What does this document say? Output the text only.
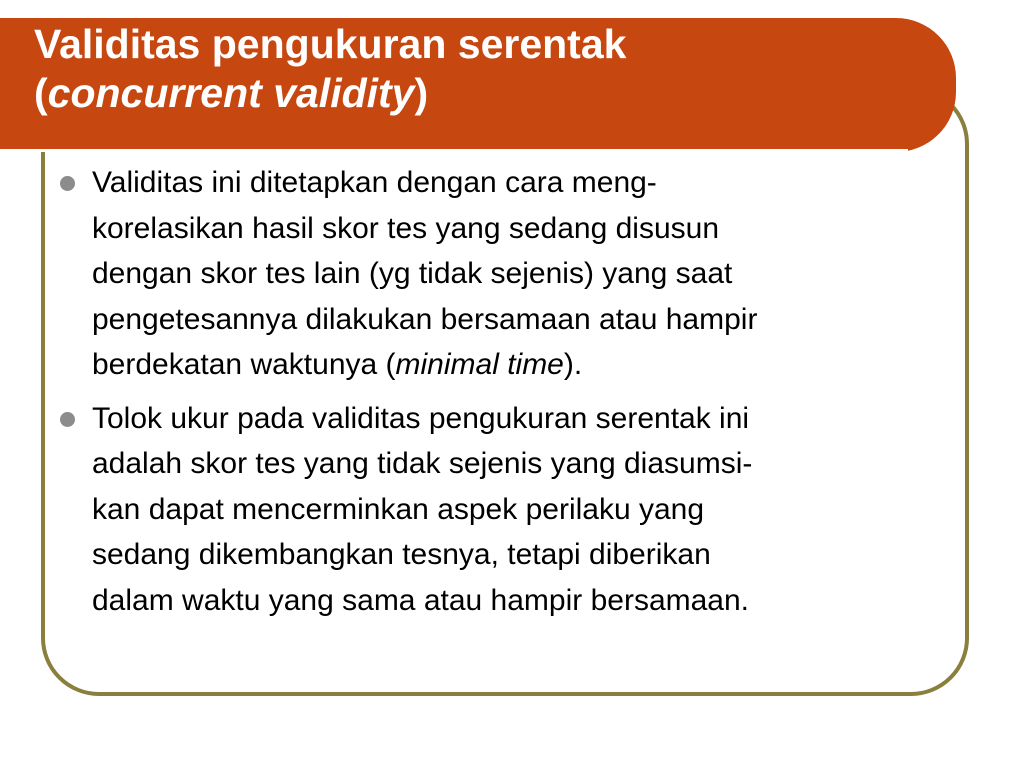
Validitas pengukuran serentak
(concurrent validity)
Validitas ini ditetapkan dengan cara meng-
korelasikan hasil skor tes yang sedang disusun
dengan skor tes lain (yg tidak sejenis) yang saat
pengetesannya dilakukan bersamaan atau hampir
berdekatan waktunya (minimal time).
Tolok ukur pada validitas pengukuran serentak ini
adalah skor tes yang tidak sejenis yang diasumsi-
kan dapat mencerminkan aspek perilaku yang
sedang dikembangkan tesnya, tetapi diberikan
dalam waktu yang sama atau hampir bersamaan.
